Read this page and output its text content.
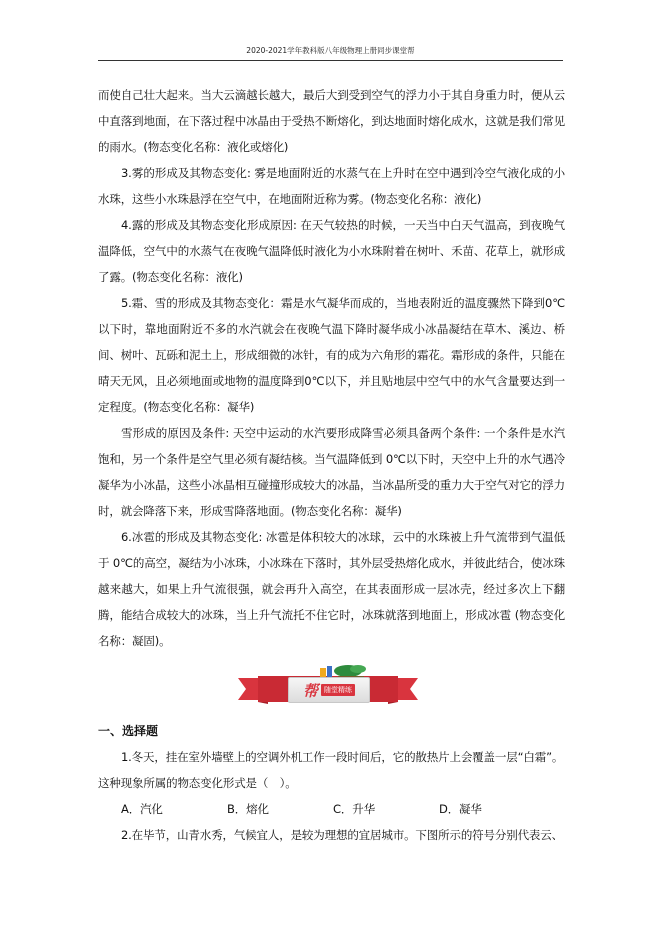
2020-2021学年教科版八年级物理上册同步课堂帮

而使自己壮大起来。当大云滴越长越大，最后大到受到空气的浮力小于其自身重力时，便从云中直落到地面，在下落过程中冰晶由于受热不断熔化，到达地面时熔化成水，这就是我们常见的雨水。(物态变化名称：液化或熔化)

3.雾的形成及其物态变化: 雾是地面附近的水蒸气在上升时在空中遇到冷空气液化成的小水珠，这些小水珠悬浮在空气中，在地面附近称为雾。(物态变化名称：液化)

4.露的形成及其物态变化形成原因: 在天气较热的时候，一天当中白天气温高，到夜晚气温降低，空气中的水蒸气在夜晚气温降低时液化为小水珠附着在树叶、禾苗、花草上，就形成了露。(物态变化名称：液化)

5.霜、雪的形成及其物态变化：霜是水气凝华而成的，当地表附近的温度骤然下降到0℃以下时，靠地面附近不多的水汽就会在夜晚气温下降时凝华成小冰晶凝结在草木、溪边、桥间、树叶、瓦砾和泥土上，形成细微的冰针，有的成为六角形的霜花。霜形成的条件，只能在晴天无风，且必须地面或地物的温度降到0℃以下，并且贴地层中空气中的水气含量要达到一定程度。(物态变化名称：凝华)

雪形成的原因及条件: 天空中运动的水汽要形成降雪必须具备两个条件: 一个条件是水汽饱和，另一个条件是空气里必须有凝结核。当气温降低到 0℃以下时，天空中上升的水气遇冷凝华为小冰晶，这些小冰晶相互碰撞形成较大的冰晶，当冰晶所受的重力大于空气对它的浮力时，就会降落下来，形成雪降落地面。(物态变化名称：凝华)

6.冰雹的形成及其物态变化: 冰雹是体积较大的冰球，云中的水珠被上升气流带到气温低于 0℃的高空，凝结为小冰珠，小冰珠在下落时，其外层受热熔化成水，并彼此结合，使冰珠越来越大，如果上升气流很强，就会再升入高空，在其表面形成一层冰壳，经过多次上下翻腾，能结合成较大的冰珠，当上升气流托不住它时，冰珠就落到地面上，形成冰雹 (物态变化名称：凝固)。

帮 随堂精练
一、选择题

1.冬天，挂在室外墙壁上的空调外机工作一段时间后，它的散热片上会覆盖一层“白霜”。这种现象所属的物态变化形式是（　）。

A．汽化	B．熔化	C．升华	D．凝华

2.在毕节，山青水秀，气候宜人，是较为理想的宜居城市。下图所示的符号分别代表云、
